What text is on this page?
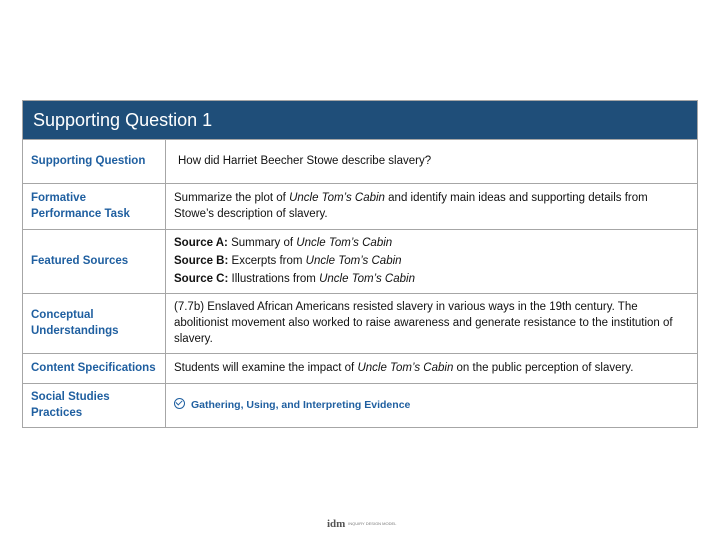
Supporting Question 1
Supporting Question	How did Harriet Beecher Stowe describe slavery?
Formative Performance Task	Summarize the plot of Uncle Tom’s Cabin and identify main ideas and supporting details from Stowe’s description of slavery.
Featured Sources	Source A: Summary of Uncle Tom’s Cabin
Source B: Excerpts from Uncle Tom’s Cabin
Source C: Illustrations from Uncle Tom’s Cabin

Conceptual Understandings	(7.7b) Enslaved African Americans resisted slavery in various ways in the 19th century. The abolitionist movement also worked to raise awareness and generate resistance to the institution of slavery.
Content Specifications	Students will examine the impact of Uncle Tom’s Cabin on the public perception of slavery.
Social Studies Practices	Gathering, Using, and Interpreting Evidence
idm INQUIRY DESIGN MODEL
